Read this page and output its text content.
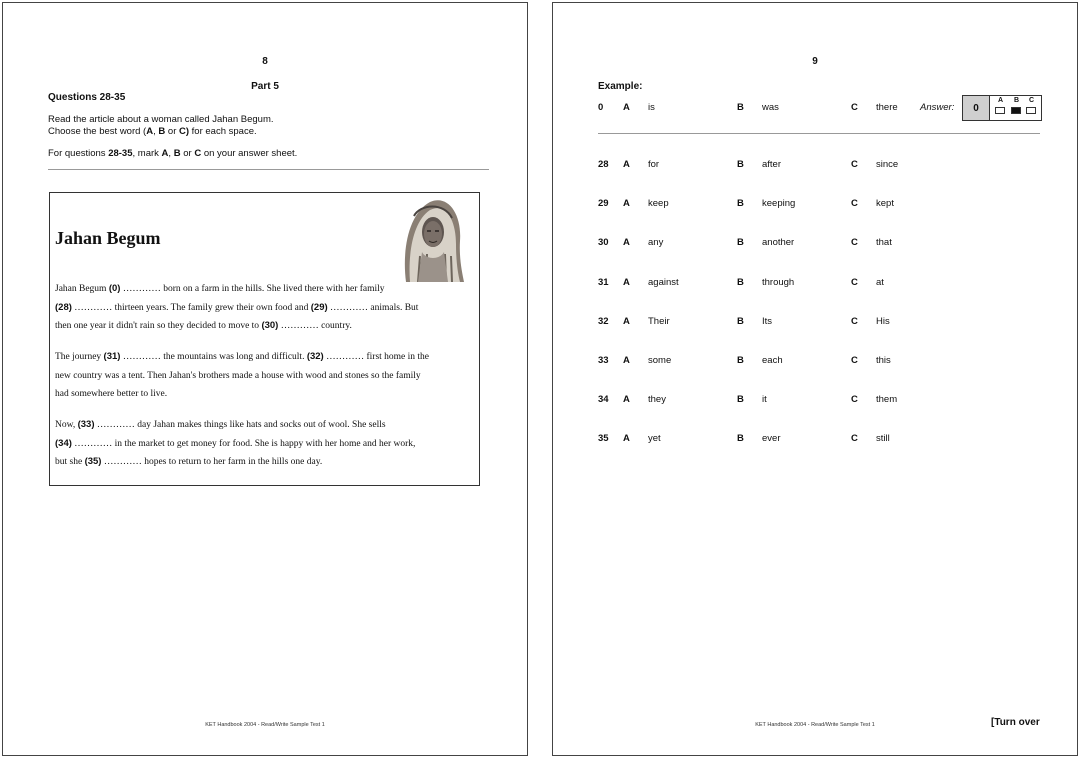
8
Part 5
Questions 28-35
Read the article about a woman called Jahan Begum.
Choose the best word (A, B or C) for each space.
For questions 28-35, mark A, B or C on your answer sheet.
Jahan Begum
Jahan Begum (0) ………… born on a farm in the hills. She lived there with her family
(28) ………… thirteen years. The family grew their own food and (29) ………… animals. But
then one year it didn't rain so they decided to move to (30) ………… country.
The journey (31) ………… the mountains was long and difficult. (32) ………… first home in the
new country was a tent. Then Jahan's brothers made a house with wood and stones so the family
had somewhere better to live.
Now, (33) ………… day Jahan makes things like hats and socks out of wool. She sells
(34) ………… in the market to get money for food. She is happy with her home and her work,
but she (35) ………… hopes to return to her farm in the hills one day.
KET Handbook 2004 - Read/Write Sample Test 1
9
Example:
0 A is	B was	C there Answer:	0
A B C
28 A for	B after	C since
29 A keep	B keeping	C kept
30 A any	B another	C that
31 A against	B through	C at
32 A Their	B Its	C His
33 A some	B each	C this
34 A they	B it	C them
35 A yet	B ever	C still
KET Handbook 2004 - Read/Write Sample Test 1	[Turn over
